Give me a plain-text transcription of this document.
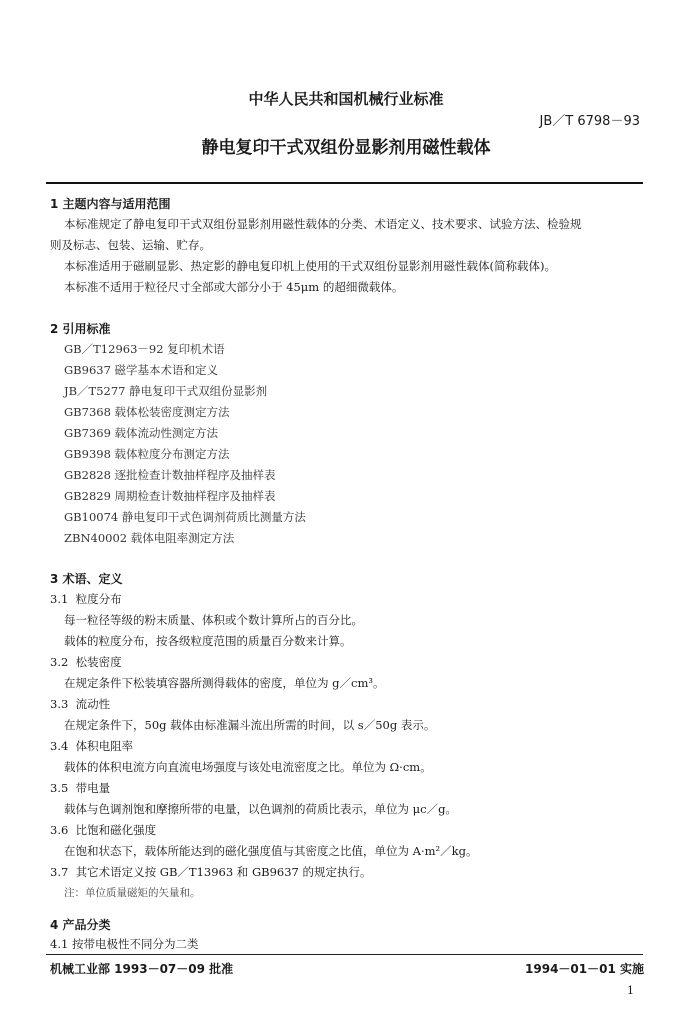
中华人民共和国机械行业标准
JB／T 6798－93
静电复印干式双组份显影剂用磁性载体
1 主题内容与适用范围
本标准规定了静电复印干式双组份显影剂用磁性载体的分类、术语定义、技术要求、试验方法、检验规
则及标志、包装、运输、贮存。
本标准适用于磁刷显影、热定影的静电复印机上使用的干式双组份显影剂用磁性载体(简称载体)。
本标准不适用于粒径尺寸全部或大部分小于 45μm 的超细微载体。
2 引用标准
GB／T12963－92 复印机术语
GB9637 磁学基本术语和定义
JB／T5277 静电复印干式双组份显影剂
GB7368 载体松装密度测定方法
GB7369 载体流动性测定方法
GB9398 载体粒度分布测定方法
GB2828 逐批检查计数抽样程序及抽样表
GB2829 周期检查计数抽样程序及抽样表
GB10074 静电复印干式色调剂荷质比测量方法
ZBN40002 载体电阻率测定方法
3 术语、定义
3.1 粒度分布
每一粒径等级的粉末质量、体积或个数计算所占的百分比。
载体的粒度分布，按各级粒度范围的质量百分数来计算。
3.2 松装密度
在规定条件下松装填容器所测得载体的密度，单位为 g／cm³。
3.3 流动性
在规定条件下，50g 载体由标准漏斗流出所需的时间，以 s／50g 表示。
3.4 体积电阻率
载体的体积电流方向直流电场强度与该处电流密度之比。单位为 Ω·cm。
3.5 带电量
载体与色调剂饱和摩擦所带的电量，以色调剂的荷质比表示，单位为 μc／g。
3.6 比饱和磁化强度
在饱和状态下，载体所能达到的磁化强度值与其密度之比值，单位为 A·m²／kg。
3.7 其它术语定义按 GB／T13963 和 GB9637 的规定执行。
注：单位质量磁矩的矢量和。
4 产品分类
4.1 按带电极性不同分为二类
机械工业部 1993－07－09 批准	1994－01－01 实施
1
